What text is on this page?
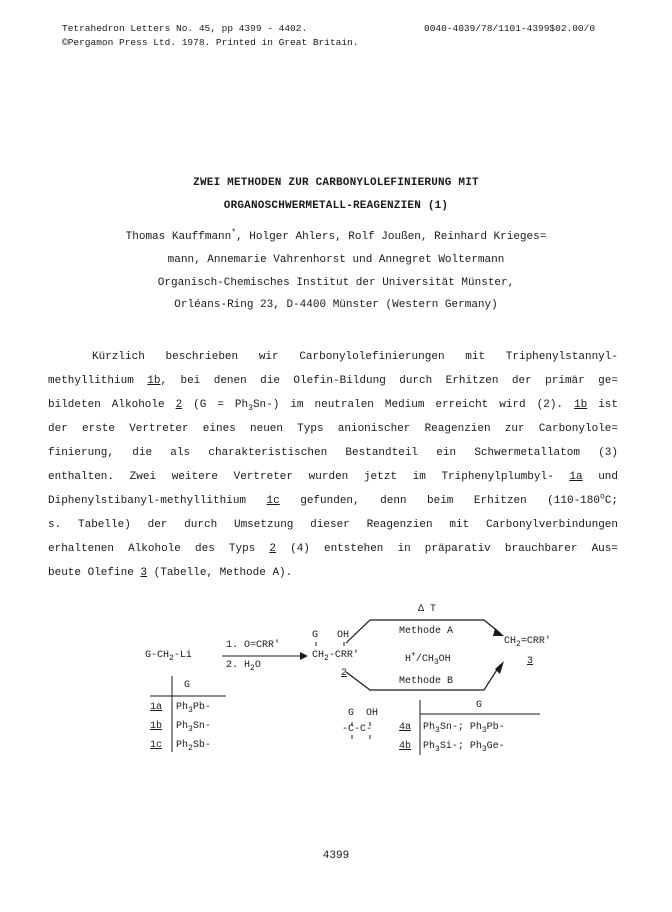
Tetrahedron Letters No. 45, pp 4399 - 4402.
©Pergamon Press Ltd. 1978. Printed in Great Britain.
0040-4039/78/1101-4399$02.00/0
ZWEI METHODEN ZUR CARBONYLOLEFINIERUNG MIT
ORGANOSCHWERMETALL-REAGENZIEN (1)
Thomas Kauffmann*, Holger Ahlers, Rolf Joußen, Reinhard Krieges=
mann, Annemarie Vahrenhorst und Annegret Woltermann
Organisch-Chemisches Institut der Universität Münster,
Orléans-Ring 23, D-4400 Münster (Western Germany)
Kürzlich beschrieben wir Carbonylolefinierungen mit Triphenylstannyl-
methyllithium 1b, bei denen die Olefin-Bildung durch Erhitzen der primär ge=
bildeten Alkohole 2 $(G = Ph_3Sn-)$ im neutralen Medium erreicht wird (2). 1b ist
der erste Vertreter eines neuen Typs anionischer Reagenzien zur Carbonylole=
finierung, die als charakteristischen Bestandteil ein Schwermetallatom (3)
enthalten. Zwei weitere Vertreter wurden jetzt im Triphenylplumbyl- 1a und
Diphenylstibanyl-methyllithium 1c gefunden, denn beim Erhitzen (110-180$^o$C;
s. Tabelle) der durch Umsetzung dieser Reagenzien mit Carbonylverbindungen
erhaltenen Alkohole des Typs 2 (4) entstehen in präparativ brauchbarer Aus=
beute Olefine 3 (Tabelle, Methode A).
Δ T
$G-CH_2-Li$
1. O=CRR'
2. $H_2O$
G OH
$CH_2-CRR'$
2
Methode A
$H^+/CH_3OH$
Methode B
$CH_2=CRR'$
3
G
1a $Ph_3Pb-$
1b $Ph_3Sn-$
1c $Ph_2Sb-$
G  OH
-C-C-
G
4a $Ph_3Sn-$; $Ph_3Pb-$
4b $Ph_3Si-$; $Ph_3Ge-$
4399
